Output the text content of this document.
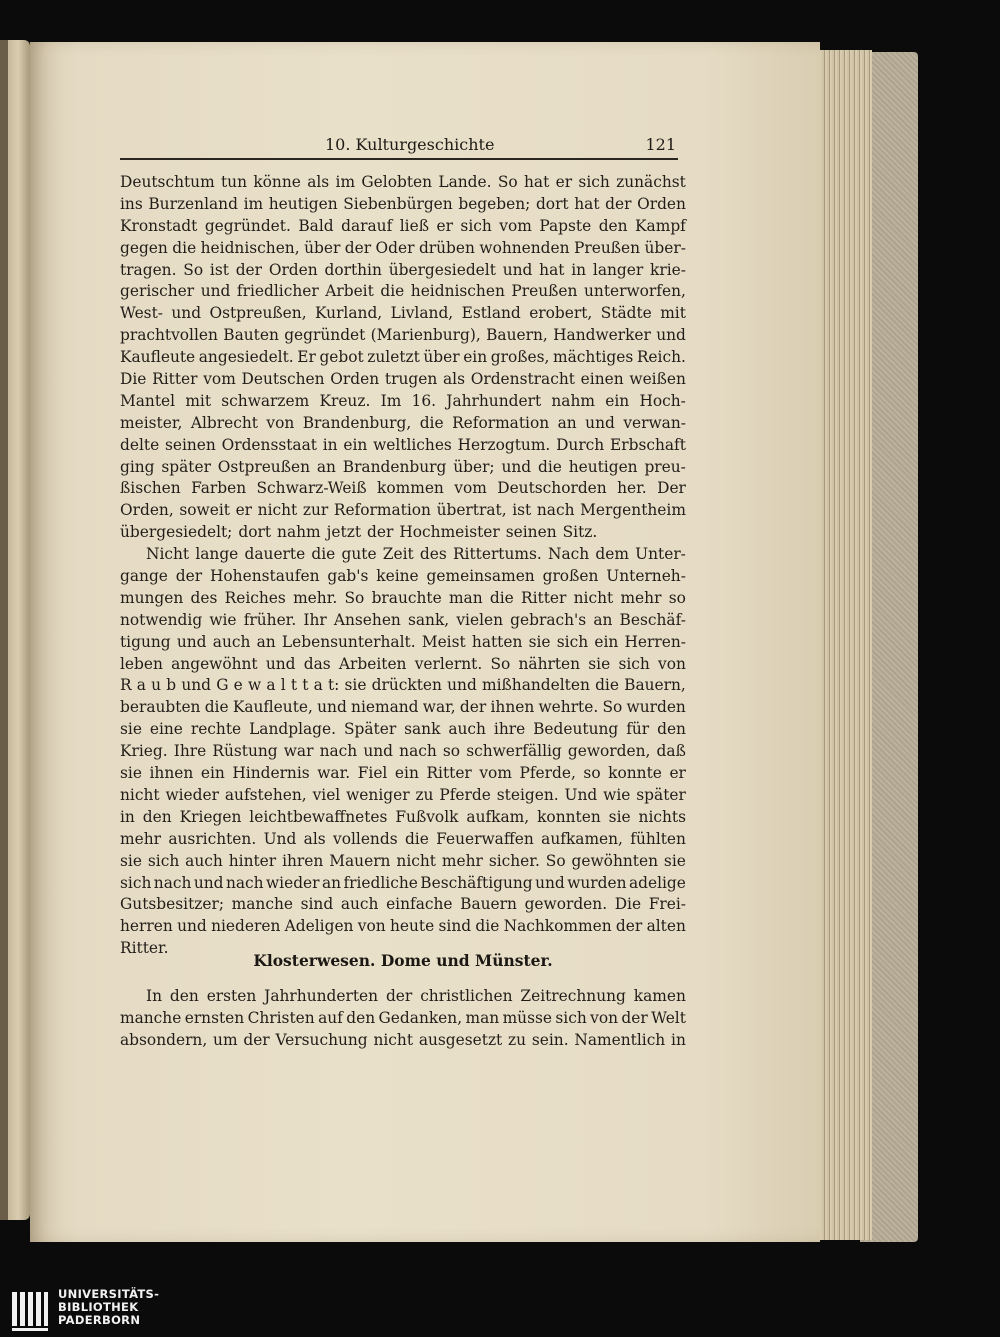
10. Kulturgeschichte	121
Deutschtum tun könne als im Gelobten Lande. So hat er sich zunächst
ins Burzenland im heutigen Siebenbürgen begeben; dort hat der Orden
Kronstadt gegründet. Bald darauf ließ er sich vom Papste den Kampf
gegen die heidnischen, über der Oder drüben wohnenden Preußen über-
tragen. So ist der Orden dorthin übergesiedelt und hat in langer krie-
gerischer und friedlicher Arbeit die heidnischen Preußen unterworfen,
West- und Ostpreußen, Kurland, Livland, Estland erobert, Städte mit
prachtvollen Bauten gegründet (Marienburg), Bauern, Handwerker und
Kaufleute angesiedelt. Er gebot zuletzt über ein großes, mächtiges Reich.
Die Ritter vom Deutschen Orden trugen als Ordenstracht einen weißen
Mantel mit schwarzem Kreuz. Im 16. Jahrhundert nahm ein Hoch-
meister, Albrecht von Brandenburg, die Reformation an und verwan-
delte seinen Ordensstaat in ein weltliches Herzogtum. Durch Erbschaft
ging später Ostpreußen an Brandenburg über; und die heutigen preu-
ßischen Farben Schwarz-Weiß kommen vom Deutschorden her. Der
Orden, soweit er nicht zur Reformation übertrat, ist nach Mergentheim
übergesiedelt; dort nahm jetzt der Hochmeister seinen Sitz.
Nicht lange dauerte die gute Zeit des Rittertums. Nach dem Unter-
gange der Hohenstaufen gab's keine gemeinsamen großen Unterneh-
mungen des Reiches mehr. So brauchte man die Ritter nicht mehr so
notwendig wie früher. Ihr Ansehen sank, vielen gebrach's an Beschäf-
tigung und auch an Lebensunterhalt. Meist hatten sie sich ein Herren-
leben angewöhnt und das Arbeiten verlernt. So nährten sie sich von
R a u b und G e w a l t t a t: sie drückten und mißhandelten die Bauern,
beraubten die Kaufleute, und niemand war, der ihnen wehrte. So wurden
sie eine rechte Landplage. Später sank auch ihre Bedeutung für den
Krieg. Ihre Rüstung war nach und nach so schwerfällig geworden, daß
sie ihnen ein Hindernis war. Fiel ein Ritter vom Pferde, so konnte er
nicht wieder aufstehen, viel weniger zu Pferde steigen. Und wie später
in den Kriegen leichtbewaffnetes Fußvolk aufkam, konnten sie nichts
mehr ausrichten. Und als vollends die Feuerwaffen aufkamen, fühlten
sie sich auch hinter ihren Mauern nicht mehr sicher. So gewöhnten sie
sich nach und nach wieder an friedliche Beschäftigung und wurden adelige
Gutsbesitzer; manche sind auch einfache Bauern geworden. Die Frei-
herren und niederen Adeligen von heute sind die Nachkommen der alten
Ritter.
Klosterwesen. Dome und Münster.
In den ersten Jahrhunderten der christlichen Zeitrechnung kamen
manche ernsten Christen auf den Gedanken, man müsse sich von der Welt
absondern, um der Versuchung nicht ausgesetzt zu sein. Namentlich in
UNIVERSITÄTS-
BIBLIOTHEK
PADERBORN
